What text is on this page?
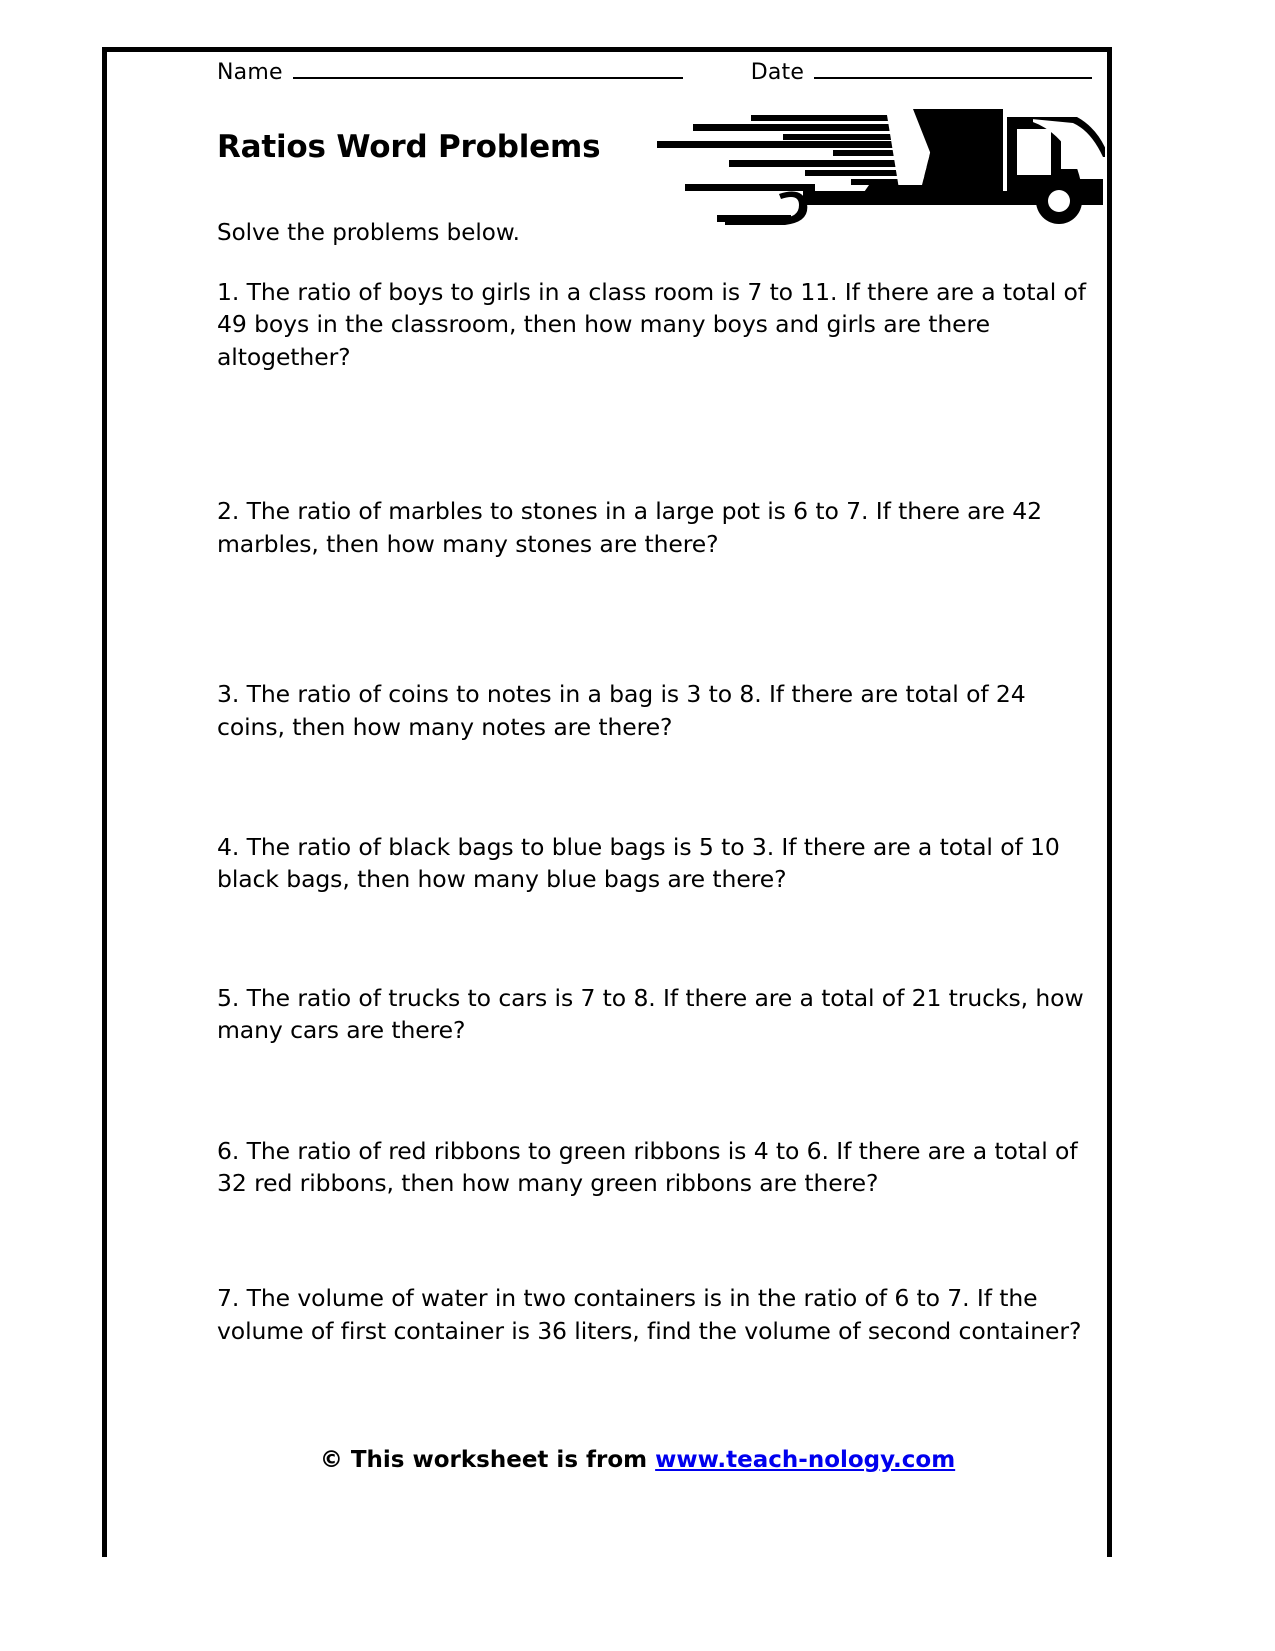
Name	Date
Ratios Word Problems
Solve the problems below.
1. The ratio of boys to girls in a class room is 7 to 11. If there are a total of 49 boys in the classroom, then how many boys and girls are there altogether?
2. The ratio of marbles to stones in a large pot is 6 to 7. If there are 42 marbles, then how many stones are there?
3. The ratio of coins to notes in a bag is 3 to 8. If there are total of 24 coins, then how many notes are there?
4. The ratio of black bags to blue bags is 5 to 3. If there are a total of 10 black bags, then how many blue bags are there?
5. The ratio of trucks to cars is 7 to 8. If there are a total of 21 trucks, how many cars are there?
6. The ratio of red ribbons to green ribbons is 4 to 6. If there are a total of 32 red ribbons, then how many green ribbons are there?
7. The volume of water in two containers is in the ratio of 6 to 7. If the volume of first container is 36 liters, find the volume of second container?
© This worksheet is from www.teach-nology.com
